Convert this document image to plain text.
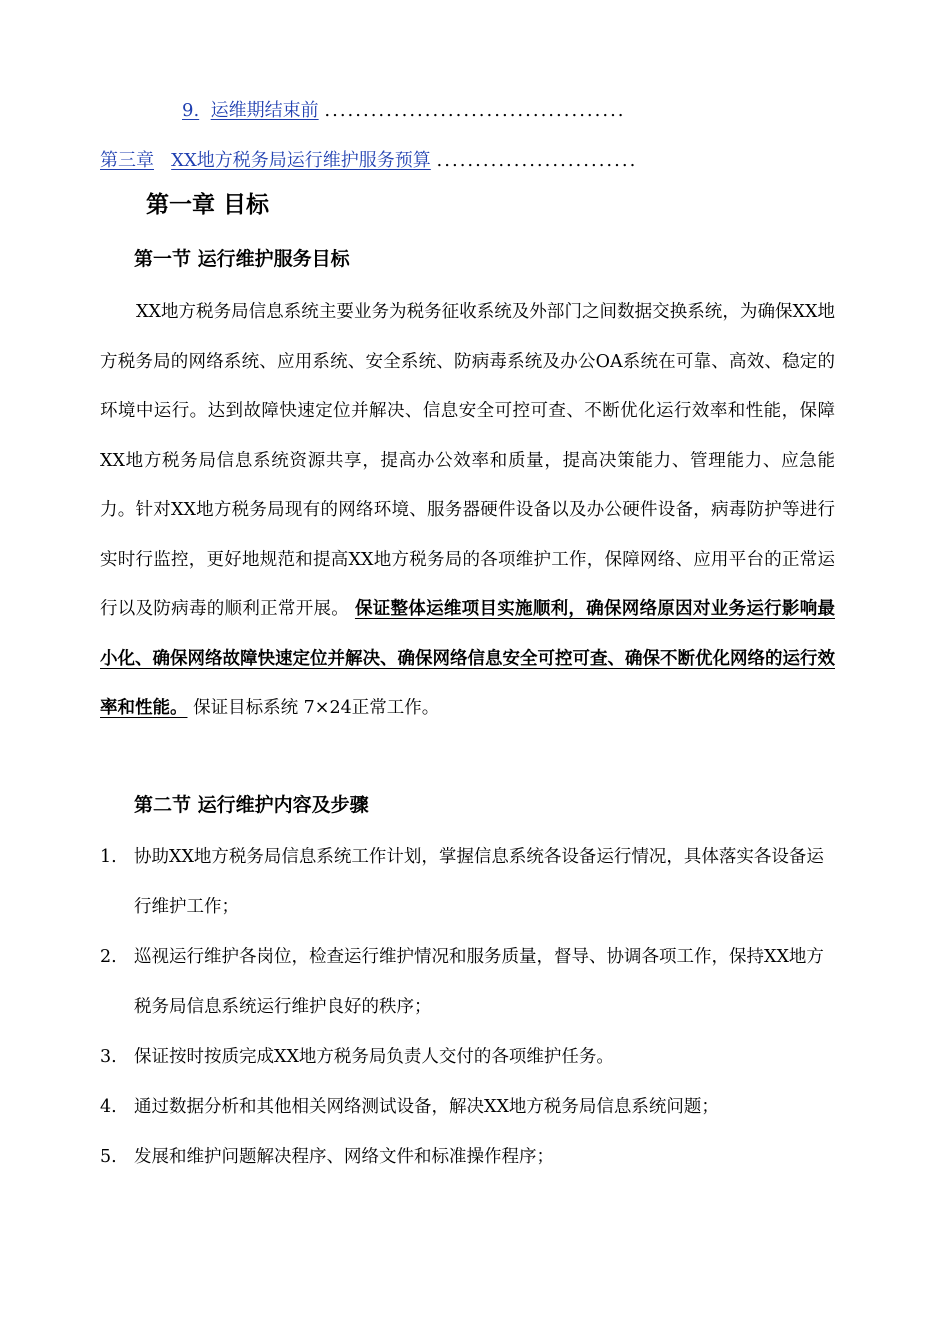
9. 运维期结束前 .......................................
第三章 XX地方税务局运行维护服务预算 ..........................
第一章 目标
第一节 运行维护服务目标
XX地方税务局信息系统主要业务为税务征收系统及外部门之间数据交换系统，为确保XX地方税务局的网络系统、应用系统、安全系统、防病毒系统及办公OA系统在可靠、高效、稳定的环境中运行。达到故障快速定位并解决、信息安全可控可查、不断优化运行效率和性能，保障XX地方税务局信息系统资源共享，提高办公效率和质量，提高决策能力、管理能力、应急能力。针对XX地方税务局现有的网络环境、服务器硬件设备以及办公硬件设备，病毒防护等进行实时行监控，更好地规范和提高XX地方税务局的各项维护工作，保障网络、应用平台的正常运行以及防病毒的顺利正常开展。 保证整体运维项目实施顺利，确保网络原因对业务运行影响最小化、确保网络故障快速定位并解决、确保网络信息安全可控可查、确保不断优化网络的运行效率和性能。 保证目标系统 7×24正常工作。
第二节 运行维护内容及步骤
1. 协助XX地方税务局信息系统工作计划，掌握信息系统各设备运行情况，具体落实各设备运行维护工作；
2. 巡视运行维护各岗位，检查运行维护情况和服务质量，督导、协调各项工作，保持XX地方税务局信息系统运行维护良好的秩序；
3. 保证按时按质完成XX地方税务局负责人交付的各项维护任务。
4. 通过数据分析和其他相关网络测试设备，解决XX地方税务局信息系统问题；
5. 发展和维护问题解决程序、网络文件和标准操作程序；
